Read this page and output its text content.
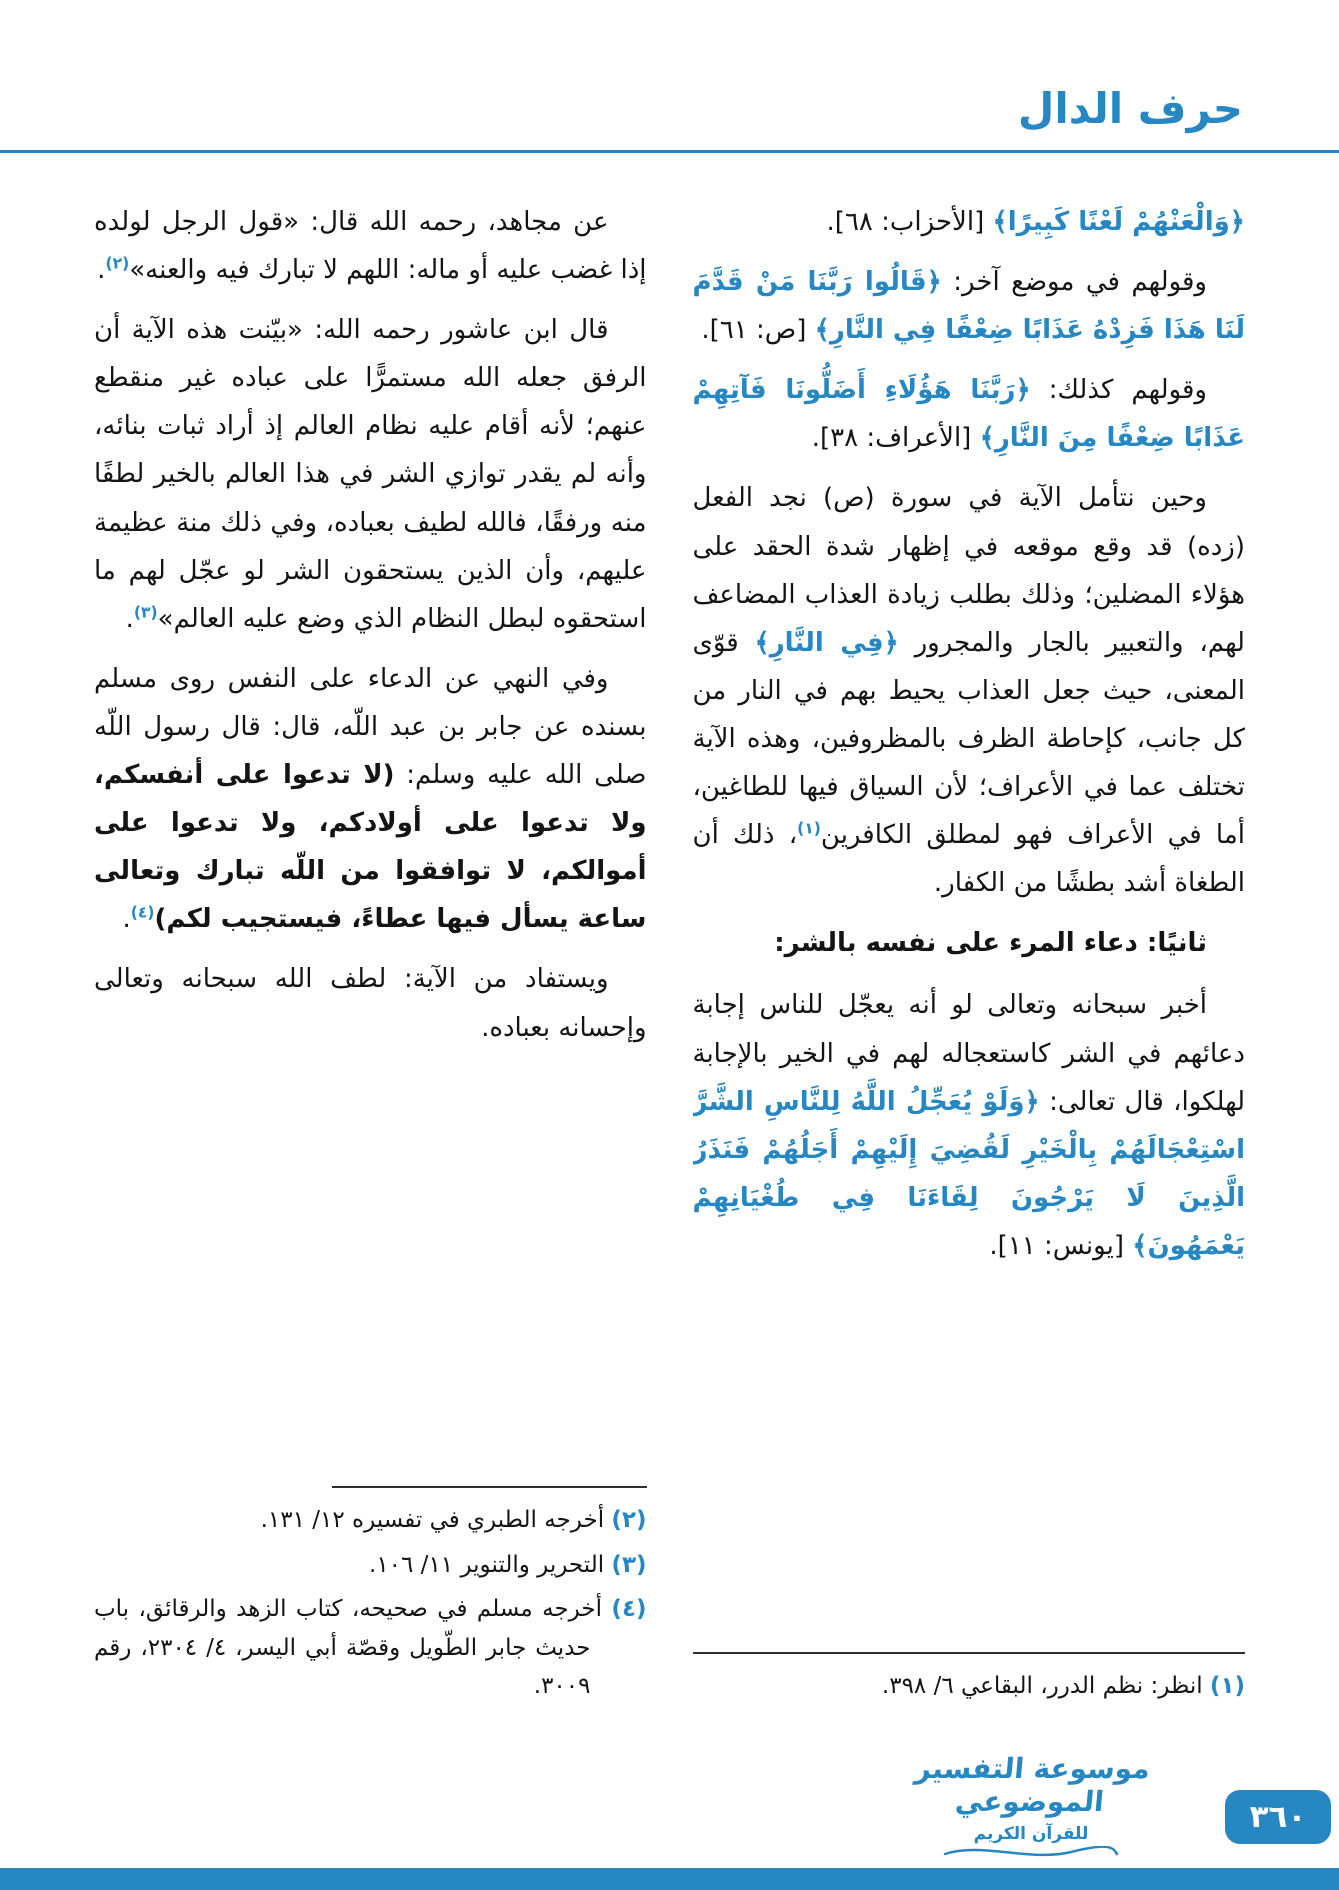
حرف الدال

﴿وَالْعَنْهُمْ لَعْنًا كَبِيرًا﴾ [الأحزاب: ٦٨].

وقولهم في موضع آخر: ﴿قَالُوا رَبَّنَا مَنْ قَدَّمَ لَنَا هَذَا فَزِدْهُ عَذَابًا ضِعْفًا فِي النَّارِ﴾ [ص: ٦١].

وقولهم كذلك: ﴿رَبَّنَا هَؤُلَاءِ أَضَلُّونَا فَآتِهِمْ عَذَابًا ضِعْفًا مِنَ النَّارِ﴾ [الأعراف: ٣٨].

وحين نتأمل الآية في سورة (ص) نجد الفعل (زده) قد وقع موقعه في إظهار شدة الحقد على هؤلاء المضلين؛ وذلك بطلب زيادة العذاب المضاعف لهم، والتعبير بالجار والمجرور ﴿فِي النَّارِ﴾ قوّى المعنى، حيث جعل العذاب يحيط بهم في النار من كل جانب، كإحاطة الظرف بالمظروفين، وهذه الآية تختلف عما في الأعراف؛ لأن السياق فيها للطاغين، أما في الأعراف فهو لمطلق الكافرين$^{(١)}$، ذلك أن الطغاة أشد بطشًا من الكفار.

ثانيًا: دعاء المرء على نفسه بالشر:

أخبر سبحانه وتعالى لو أنه يعجّل للناس إجابة دعائهم في الشر كاستعجاله لهم في الخير بالإجابة لهلكوا، قال تعالى: ﴿وَلَوْ يُعَجِّلُ اللَّهُ لِلنَّاسِ الشَّرَّ اسْتِعْجَالَهُمْ بِالْخَيْرِ لَقُضِيَ إِلَيْهِمْ أَجَلُهُمْ فَنَذَرُ الَّذِينَ لَا يَرْجُونَ لِقَاءَنَا فِي طُغْيَانِهِمْ يَعْمَهُونَ﴾ [يونس: ١١].

(١) انظر: نظم الدرر، البقاعي ٦/ ٣٩٨.

عن مجاهد، رحمه الله قال: «قول الرجل لولده إذا غضب عليه أو ماله: اللهم لا تبارك فيه والعنه»$^{(٢)}$.

قال ابن عاشور رحمه الله: «بيّنت هذه الآية أن الرفق جعله الله مستمرًّا على عباده غير منقطع عنهم؛ لأنه أقام عليه نظام العالم إذ أراد ثبات بنائه، وأنه لم يقدر توازي الشر في هذا العالم بالخير لطفًا منه ورفقًا، فالله لطيف بعباده، وفي ذلك منة عظيمة عليهم، وأن الذين يستحقون الشر لو عجّل لهم ما استحقوه لبطل النظام الذي وضع عليه العالم»$^{(٣)}$.

وفي النهي عن الدعاء على النفس روى مسلم بسنده عن جابر بن عبد اللّه، قال: قال رسول اللّه صلى الله عليه وسلم: (لا تدعوا على أنفسكم، ولا تدعوا على أولادكم، ولا تدعوا على أموالكم، لا توافقوا من اللّه تبارك وتعالى ساعة يسأل فيها عطاءً، فيستجيب لكم)$^{(٤)}$.

ويستفاد من الآية: لطف الله سبحانه وتعالى وإحسانه بعباده.

(٢) أخرجه الطبري في تفسيره ١٢/ ١٣١.
(٣) التحرير والتنوير ١١/ ١٠٦.
(٤) أخرجه مسلم في صحيحه، كتاب الزهد والرقائق، باب حديث جابر الطّويل وقصّة أبي اليسر، ٤/ ٢٣٠٤، رقم ٣٠٠٩.
موسوعة التفسير الموضوعي
للقرآن الكريم	٣٦٠
